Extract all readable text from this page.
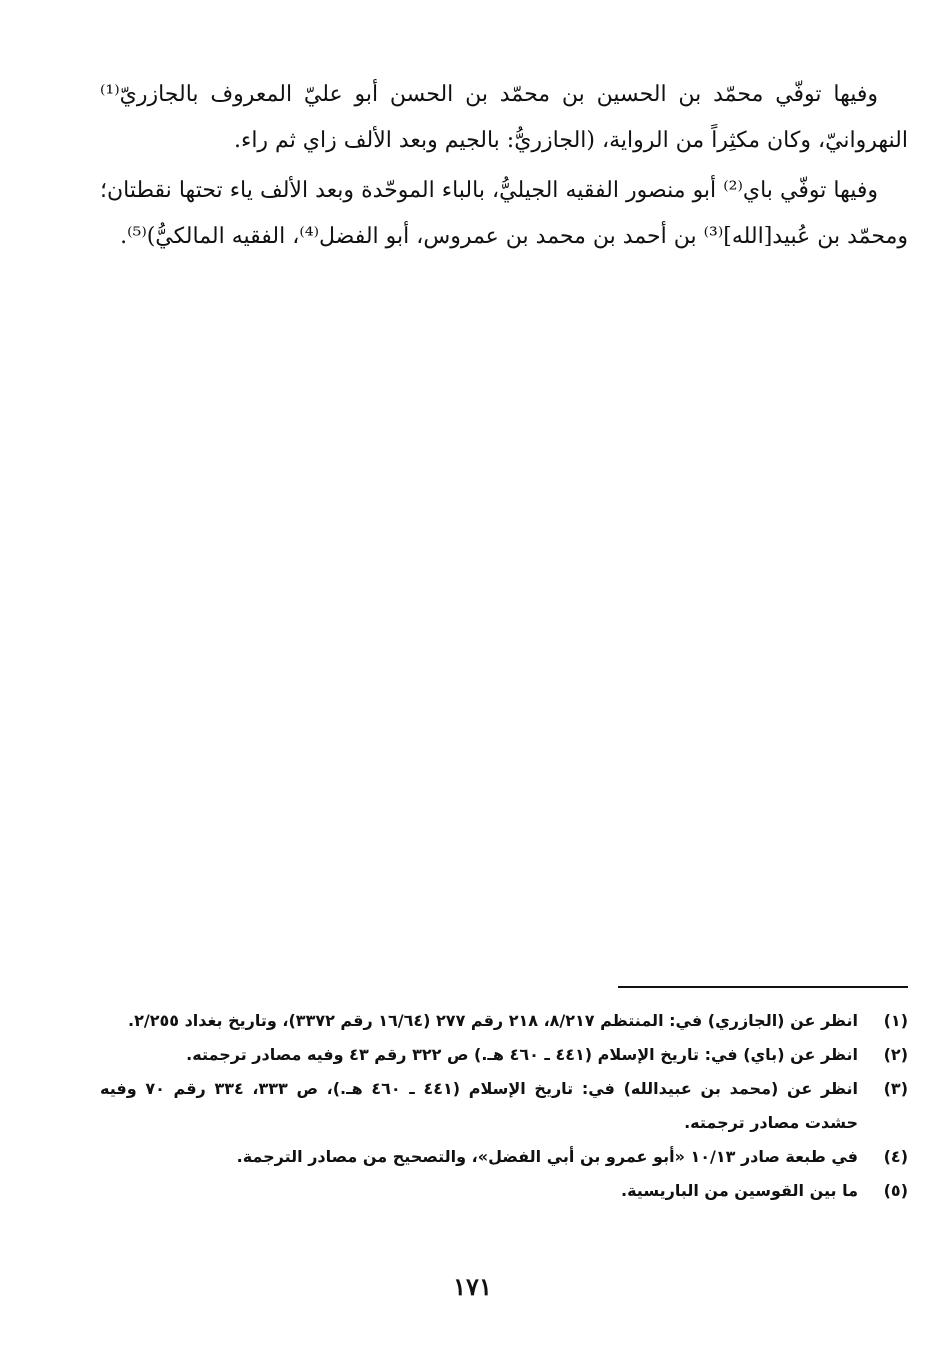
وفيها توفّي محمّد بن الحسين بن محمّد بن الحسن أبو عليّ المعروف بالجازريّ⁽¹⁾ النهروانيّ، وكان مكثِراً من الرواية، (الجازريُّ: بالجيم وبعد الألف زاي ثم راء.

وفيها توفّي باي⁽²⁾ أبو منصور الفقيه الجيليُّ، بالباء الموحّدة وبعد الألف ياء تحتها نقطتان؛ ومحمّد بن عُبيد[الله]⁽³⁾ بن أحمد بن محمد بن عمروس، أبو الفضل⁽⁴⁾، الفقيه المالكيُّ)⁽⁵⁾.

(١)
انظر عن (الجازري) في: المنتظم ٨/٢١٧، ٢١٨ رقم ٢٧٧ (١٦/٦٤ رقم ٣٣٧٢)، وتاريخ بغداد ٢/٢٥٥.
(٢)
انظر عن (باي) في: تاريخ الإسلام (٤٤١ ـ ٤٦٠ هـ.) ص ٣٢٢ رقم ٤٣ وفيه مصادر ترجمته.
(٣)
انظر عن (محمد بن عبيدالله) في: تاريخ الإسلام (٤٤١ ـ ٤٦٠ هـ.)، ص ٣٣٣، ٣٣٤ رقم ٧٠ وفيه حشدت مصادر ترجمته.
(٤)
في طبعة صادر ١٠/١٣ «أبو عمرو بن أبي الفضل»، والتصحيح من مصادر الترجمة.
(٥)
ما بين القوسين من الباريسية.
١٧١
